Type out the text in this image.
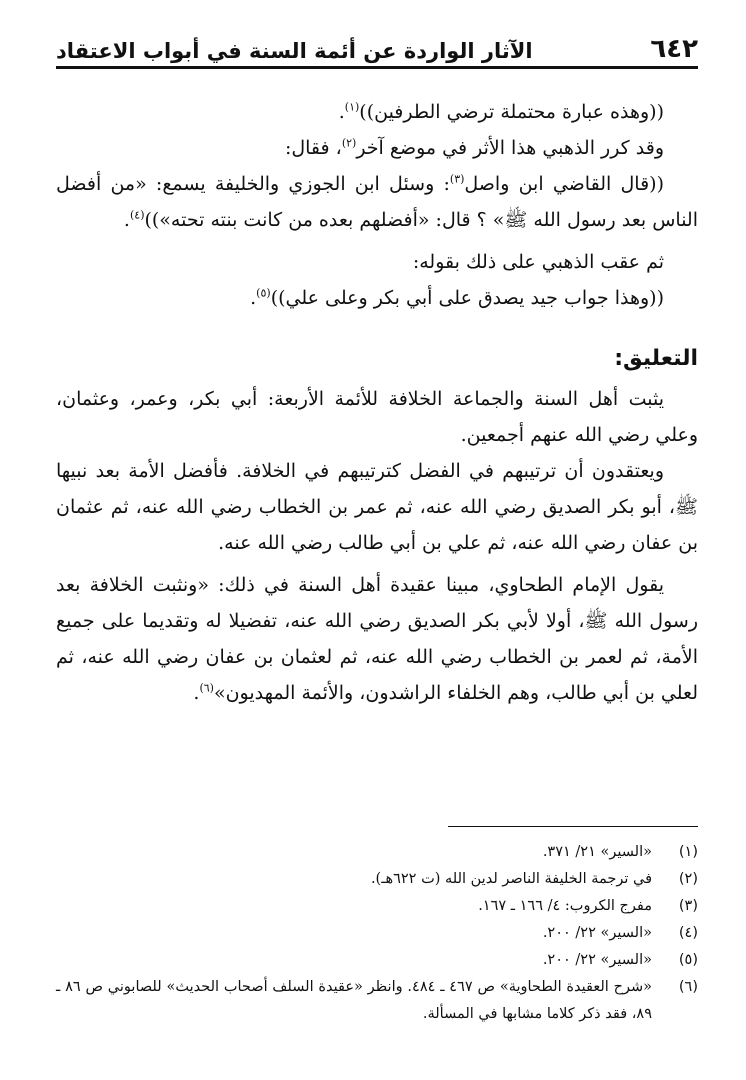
٦٤٢
الآثار الواردة عن أئمة السنة في أبواب الاعتقاد

((وهذه عبارة محتملة ترضي الطرفين))$^{(١)}$.

وقد كرر الذهبي هذا الأثر في موضع آخر$^{(٢)}$، فقال:

((قال القاضي ابن واصل$^{(٣)}$: وسئل ابن الجوزي والخليفة يسمع: «من أفضل الناس بعد رسول الله ﷺ» ؟ قال: «أفضلهم بعده من كانت بنته تحته»))$^{(٤)}$.

ثم عقب الذهبي على ذلك بقوله:

((وهذا جواب جيد يصدق على أبي بكر وعلى علي))$^{(٥)}$.

التعليق:

يثبت أهل السنة والجماعة الخلافة للأئمة الأربعة: أبي بكر، وعمر، وعثمان، وعلي رضي الله عنهم أجمعين.

ويعتقدون أن ترتيبهم في الفضل كترتيبهم في الخلافة. فأفضل الأمة بعد نبيها ﷺ، أبو بكر الصديق رضي الله عنه، ثم عمر بن الخطاب رضي الله عنه، ثم عثمان بن عفان رضي الله عنه، ثم علي بن أبي طالب رضي الله عنه.

يقول الإمام الطحاوي، مبينا عقيدة أهل السنة في ذلك: «ونثبت الخلافة بعد رسول الله ﷺ، أولا لأبي بكر الصديق رضي الله عنه، تفضيلا له وتقديما على جميع الأمة، ثم لعمر بن الخطاب رضي الله عنه، ثم لعثمان بن عفان رضي الله عنه، ثم لعلي بن أبي طالب، وهم الخلفاء الراشدون، والأئمة المهديون»$^{(٦)}$.

(١)
«السير» ٢١/ ٣٧١.
(٢)
في ترجمة الخليفة الناصر لدين الله (ت ٦٢٢هـ).
(٣)
مفرج الكروب: ٤/ ١٦٦ ـ ١٦٧.
(٤)
«السير» ٢٢/ ٢٠٠.
(٥)
«السير» ٢٢/ ٢٠٠.
(٦)
«شرح العقيدة الطحاوية» ص ٤٦٧ ـ ٤٨٤. وانظر «عقيدة السلف أصحاب الحديث» للصابوني ص ٨٦ ـ ٨٩، فقد ذكر كلاما مشابها في المسألة.
